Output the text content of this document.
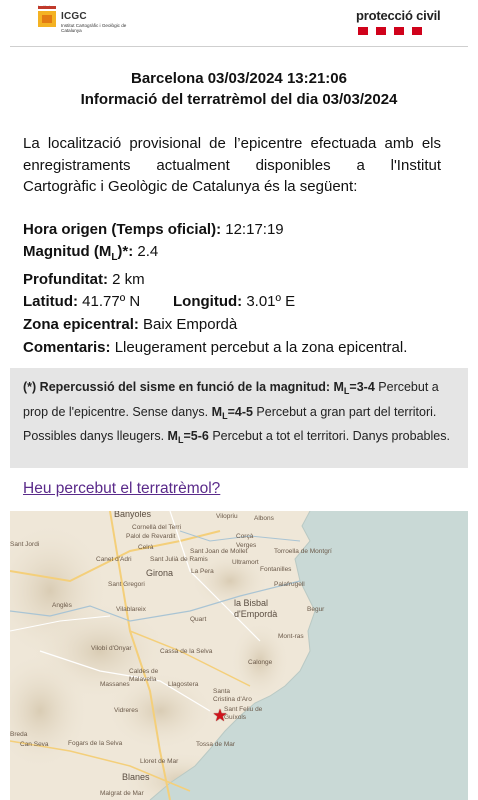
ICGC
Institut Cartogràfic i Geològic de Catalunya
protecció civil
Barcelona 03/03/2024 13:21:06
Informació del terratrèmol del dia 03/03/2024
La localització provisional de l’epicentre efectuada amb els
enregistraments actualment disponibles a l'Institut
Cartogràfic i Geològic de Catalunya és la següent:
Hora origen (Temps oficial): 12:17:19
Magnitud $(M_L)*$: 2.4
Profunditat: 2 km
Latitud: 41.77º N Longitud: 3.01º E
Zona epicentral: Baix Empordà
Comentaris: Lleugerament percebut a la zona epicentral.
(*) Repercussió del sisme en funció de la magnitud: $M_L=3-4$ Percebut a prop de l'epicentre. Sense danys. $M_L=4-5$ Percebut a gran part del territori. Possibles danys lleugers. $M_L=5-6$ Percebut a tot el territori. Danys probables.
Heu percebut el terratrèmol?
Banyoles
Cornellà del Terri
Palol de Revardit
Vilopriu	Albons
Corçà
Sant Jordi
Sant Joan de Mollet
Celrà	Verges
Torroella de Montgrí
Canet d'Adri	Sant Julià de Ramis	Ultramort
La Pera	Fontanilles
Girona
Sant Gregori	Palafrugell
la Bisbal d'Empordà
Anglès
Vilablareix	Begur
Quart
Mont-ras
Vilobí d'Onyar	Cassà de la Selva
Calonge
Caldes de Malavella
Llagostera
Massanes
Santa Cristina d'Aro
Sant Feliu de Guíxols
Vidreres
Breda
Can Seva	Fogars de la Selva	Tossa de Mar
Lloret de Mar
Blanes
Malgrat de Mar
★
